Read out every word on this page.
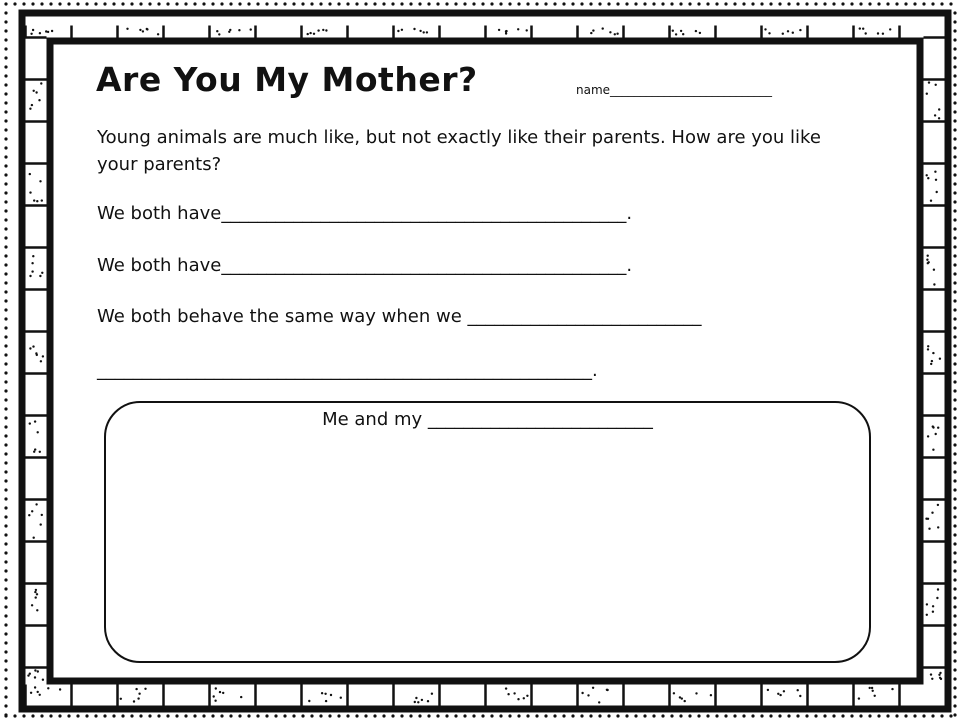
Are You My Mother?	name___________________________
Young animals are much like, but not exactly like their parents. How are you like your parents?
We both have_____________________________________________.
We both have_____________________________________________.
We both behave the same way when we __________________________
_______________________________________________________.
Me and my _________________________
